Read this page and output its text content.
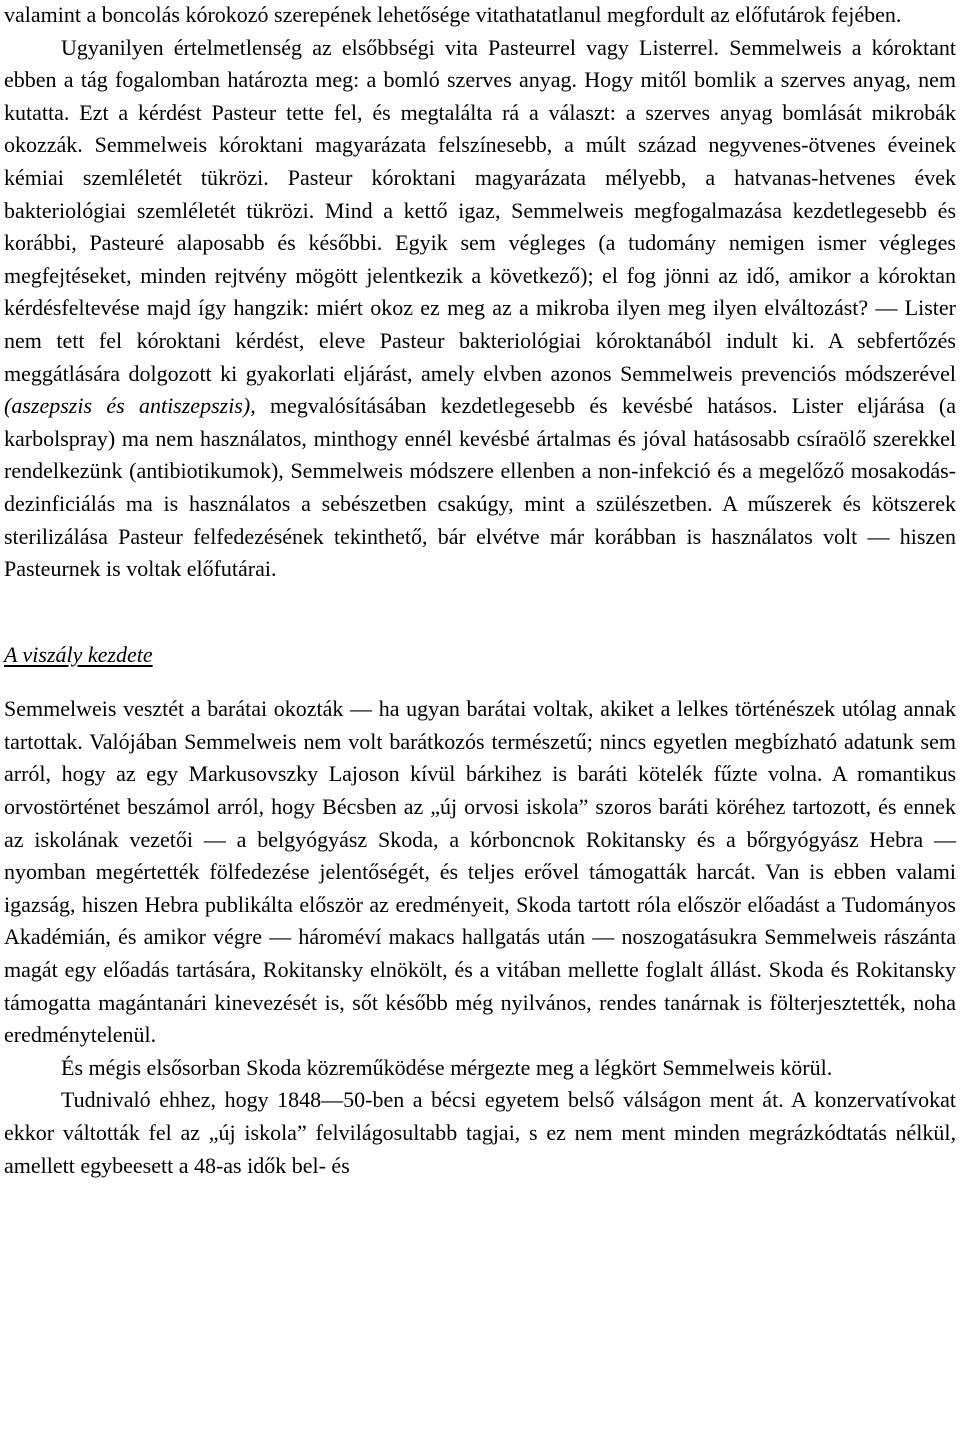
valamint a boncolás kórokozó szerepének lehetősége vitathatatlanul megfordult az előfutárok fejében.

Ugyanilyen értelmetlenség az elsőbbségi vita Pasteurrel vagy Listerrel. Semmelweis a kóroktant ebben a tág fogalomban határozta meg: a bomló szerves anyag. Hogy mitől bomlik a szerves anyag, nem kutatta. Ezt a kérdést Pasteur tette fel, és megtalálta rá a választ: a szerves anyag bomlását mikrobák okozzák. Semmelweis kóroktani magyarázata felszínesebb, a múlt század negyvenes-ötvenes éveinek kémiai szemléletét tükrözi. Pasteur kóroktani magyarázata mélyebb, a hatvanas-hetvenes évek bakteriológiai szemléletét tükrözi. Mind a kettő igaz, Semmelweis megfogalmazása kezdetlegesebb és korábbi, Pasteuré alaposabb és későbbi. Egyik sem végleges (a tudomány nemigen ismer végleges megfejtéseket, minden rejtvény mögött jelentkezik a következő); el fog jönni az idő, amikor a kóroktan kérdésfeltevése majd így hangzik: miért okoz ez meg az a mikroba ilyen meg ilyen elváltozást? — Lister nem tett fel kóroktani kérdést, eleve Pasteur bakteriológiai kóroktanából indult ki. A sebfertőzés meggátlására dolgozott ki gyakorlati eljárást, amely elvben azonos Semmelweis prevenciós módszerével (aszepszis és antiszepszis), megvalósításában kezdetlegesebb és kevésbé hatásos. Lister eljárása (a karbolspray) ma nem használatos, minthogy ennél kevésbé ártalmas és jóval hatásosabb csíraölő szerekkel rendelkezünk (antibiotikumok), Semmelweis módszere ellenben a non-infekció és a megelőző mosakodás-dezinficiálás ma is használatos a sebészetben csakúgy, mint a szülészetben. A műszerek és kötszerek sterilizálása Pasteur felfedezésének tekinthető, bár elvétve már korábban is használatos volt — hiszen Pasteurnek is voltak előfutárai.

A viszály kezdete

Semmelweis vesztét a barátai okozták — ha ugyan barátai voltak, akiket a lelkes történészek utólag annak tartottak. Valójában Semmelweis nem volt barátkozós természetű; nincs egyetlen megbízható adatunk sem arról, hogy az egy Markusovszky Lajoson kívül bárkihez is baráti kötelék fűzte volna. A romantikus orvostörténet beszámol arról, hogy Bécsben az „új orvosi iskola” szoros baráti köréhez tartozott, és ennek az iskolának vezetői — a belgyógyász Skoda, a kórboncnok Rokitansky és a bőrgyógyász Hebra — nyomban megértették fölfedezése jelentőségét, és teljes erővel támogatták harcát. Van is ebben valami igazság, hiszen Hebra publikálta először az eredményeit, Skoda tartott róla először előadást a Tudományos Akadémián, és amikor végre — hároméví makacs hallgatás után — noszogatásukra Semmelweis rászánta magát egy előadás tartására, Rokitansky elnökölt, és a vitában mellette foglalt állást. Skoda és Rokitansky támogatta magántanári kinevezését is, sőt később még nyilvános, rendes tanárnak is fölterjesztették, noha eredménytelenül.

És mégis elsősorban Skoda közreműködése mérgezte meg a légkört Semmelweis körül.

Tudnivaló ehhez, hogy 1848—50-ben a bécsi egyetem belső válságon ment át. A konzervatívokat ekkor váltották fel az „új iskola” felvilágosultabb tagjai, s ez nem ment minden megrázkódtatás nélkül, amellett egybeesett a 48-as idők bel- és
